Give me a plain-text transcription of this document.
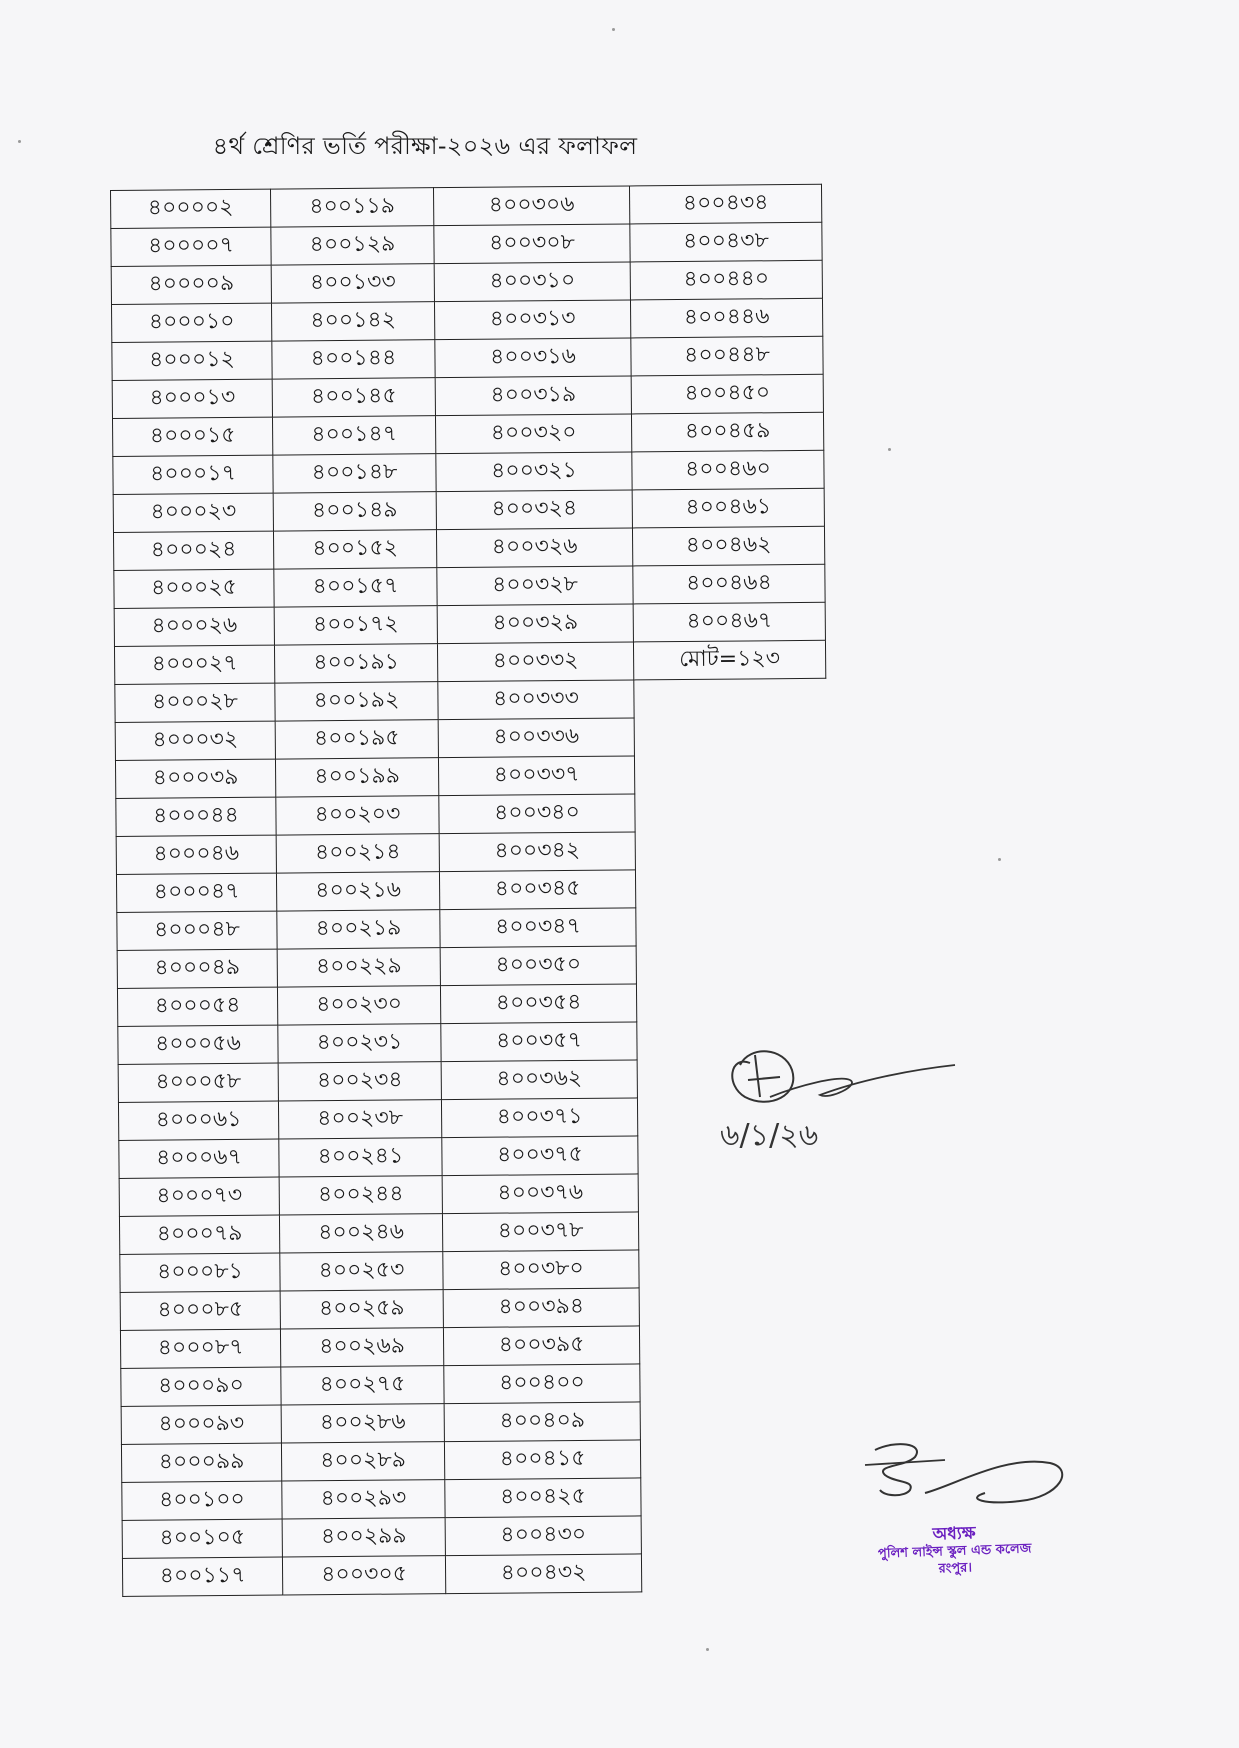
৪র্থ শ্রেণির ভর্তি পরীক্ষা-২০২৬ এর ফলাফল
৪০০০০২	৪০০১১৯	৪০০৩০৬	৪০০৪৩৪
৪০০০০৭	৪০০১২৯	৪০০৩০৮	৪০০৪৩৮
৪০০০০৯	৪০০১৩৩	৪০০৩১০	৪০০৪৪০
৪০০০১০	৪০০১৪২	৪০০৩১৩	৪০০৪৪৬
৪০০০১২	৪০০১৪৪	৪০০৩১৬	৪০০৪৪৮
৪০০০১৩	৪০০১৪৫	৪০০৩১৯	৪০০৪৫০
৪০০০১৫	৪০০১৪৭	৪০০৩২০	৪০০৪৫৯
৪০০০১৭	৪০০১৪৮	৪০০৩২১	৪০০৪৬০
৪০০০২৩	৪০০১৪৯	৪০০৩২৪	৪০০৪৬১
৪০০০২৪	৪০০১৫২	৪০০৩২৬	৪০০৪৬২
৪০০০২৫	৪০০১৫৭	৪০০৩২৮	৪০০৪৬৪
৪০০০২৬	৪০০১৭২	৪০০৩২৯	৪০০৪৬৭
৪০০০২৭	৪০০১৯১	৪০০৩৩২	মোট=১২৩
৪০০০২৮	৪০০১৯২	৪০০৩৩৩	
৪০০০৩২	৪০০১৯৫	৪০০৩৩৬	
৪০০০৩৯	৪০০১৯৯	৪০০৩৩৭	
৪০০০৪৪	৪০০২০৩	৪০০৩৪০	
৪০০০৪৬	৪০০২১৪	৪০০৩৪২	
৪০০০৪৭	৪০০২১৬	৪০০৩৪৫	
৪০০০৪৮	৪০০২১৯	৪০০৩৪৭	
৪০০০৪৯	৪০০২২৯	৪০০৩৫০	
৪০০০৫৪	৪০০২৩০	৪০০৩৫৪	
৪০০০৫৬	৪০০২৩১	৪০০৩৫৭	
৪০০০৫৮	৪০০২৩৪	৪০০৩৬২	
৪০০০৬১	৪০০২৩৮	৪০০৩৭১	
৪০০০৬৭	৪০০২৪১	৪০০৩৭৫	
৪০০০৭৩	৪০০২৪৪	৪০০৩৭৬	
৪০০০৭৯	৪০০২৪৬	৪০০৩৭৮	
৪০০০৮১	৪০০২৫৩	৪০০৩৮০	
৪০০০৮৫	৪০০২৫৯	৪০০৩৯৪	
৪০০০৮৭	৪০০২৬৯	৪০০৩৯৫	
৪০০০৯০	৪০০২৭৫	৪০০৪০০	
৪০০০৯৩	৪০০২৮৬	৪০০৪০৯	
৪০০০৯৯	৪০০২৮৯	৪০০৪১৫	
৪০০১০০	৪০০২৯৩	৪০০৪২৫	
৪০০১০৫	৪০০২৯৯	৪০০৪৩০	
৪০০১১৭	৪০০৩০৫	৪০০৪৩২	
৬/১/২৬
অধ্যক্ষ
পুলিশ লাইন্স স্কুল এন্ড কলেজ
রংপুর।
